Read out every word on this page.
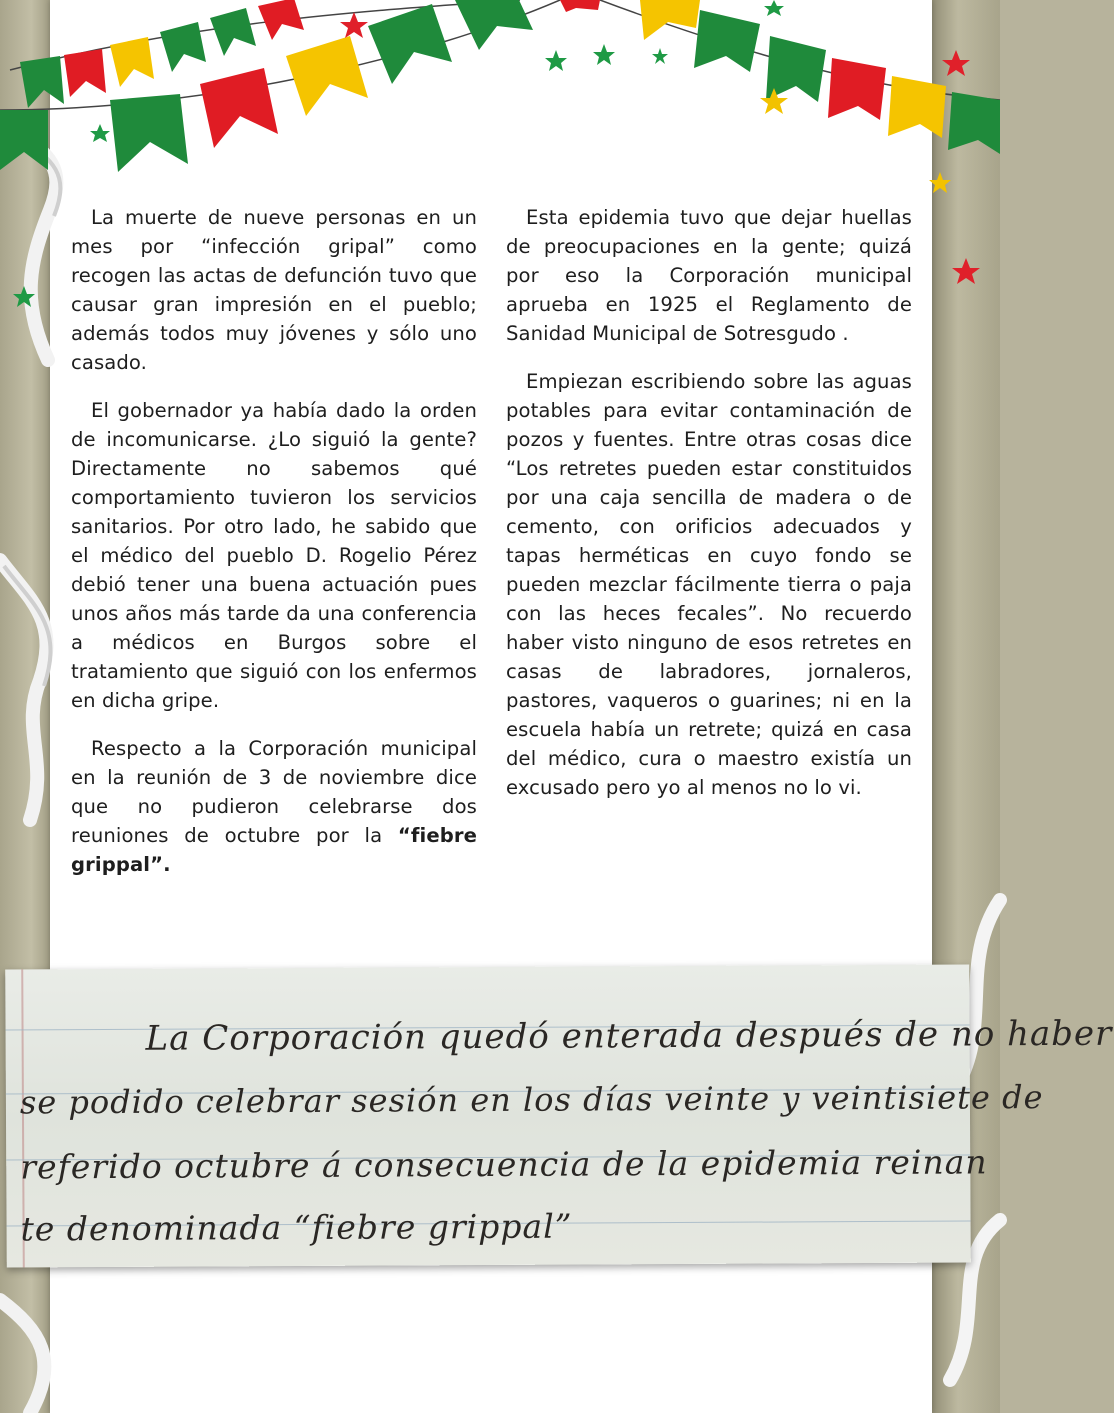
La muerte de nueve personas en un mes por “infección gripal” como recogen las actas de defunción tuvo que causar gran impresión en el pueblo; además todos muy jóvenes y sólo uno casado.

El gobernador ya había dado la orden de incomunicarse. ¿Lo siguió la gente? Directamente no sabemos qué comportamiento tuvieron los servicios sanitarios. Por otro lado, he sabido que el médico del pueblo D. Rogelio Pérez debió tener una buena actuación pues unos años más tarde da una conferencia a médicos en Burgos sobre el tratamiento que siguió con los enfermos en dicha gripe.

Respecto a la Corporación municipal en la reunión de 3 de noviembre dice que no pudieron celebrarse dos reuniones de octubre por la “fiebre grippal”.

Esta epidemia tuvo que dejar huellas de preocupaciones en la gente; quizá por eso la Corporación municipal aprueba en 1925 el Reglamento de Sanidad Municipal de Sotresgudo .

Empiezan escribiendo sobre las aguas potables para evitar contaminación de pozos y fuentes. Entre otras cosas dice “Los retretes pueden estar constituidos por una caja sencilla de madera o de cemento, con orificios adecuados y tapas herméticas en cuyo fondo se pueden mezclar fácilmente tierra o paja con las heces fecales”. No recuerdo haber visto ninguno de esos retretes en casas de labradores, jornaleros, pastores, vaqueros o guarines; ni en la escuela había un retrete; quizá en casa del médico, cura o maestro existía un excusado pero yo al menos no lo vi.

La Corporación quedó enterada después de no haber
se podido celebrar sesión en los días veinte y veintisiete de
referido octubre á consecuencia de la epidemia reinan
te denominada “fiebre grippal”
